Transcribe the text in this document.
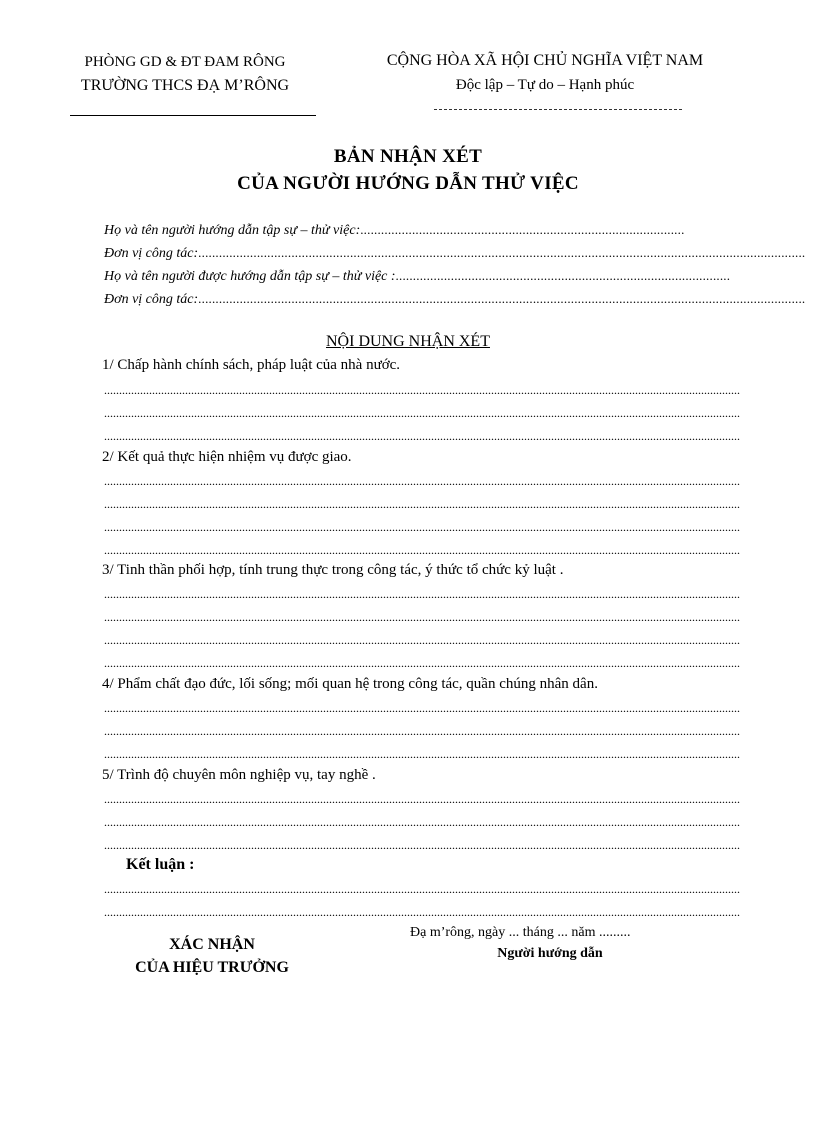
PHÒNG GD & ĐT ĐAM RÔNG
TRƯỜNG THCS ĐẠ M’RÔNG
CỘNG HÒA XÃ HỘI CHỦ NGHĨA VIỆT NAM
Độc lập – Tự do – Hạnh phúc
BẢN NHẬN XÉT
CỦA NGƯỜI HƯỚNG DẪN THỬ VIỆC
Họ và tên người hướng dẫn tập sự – thử việc:..............................................................................................
Đơn vị công tác:................................................................................................................................................................................
Họ và tên người được hướng dẫn tập sự – thử việc :.................................................................................................
Đơn vị công tác:................................................................................................................................................................................
NỘI DUNG NHẬN XÉT
1/ Chấp hành chính sách, pháp luật của nhà nước.
....................................................................................................................................................................................................................
....................................................................................................................................................................................................................
....................................................................................................................................................................................................................
2/ Kết quả thực hiện nhiệm vụ được giao.
....................................................................................................................................................................................................................
....................................................................................................................................................................................................................
....................................................................................................................................................................................................................
....................................................................................................................................................................................................................
3/ Tinh thần phối hợp, tính trung thực trong công tác, ý thức tổ chức kỷ luật .
....................................................................................................................................................................................................................
....................................................................................................................................................................................................................
....................................................................................................................................................................................................................
....................................................................................................................................................................................................................
4/ Phẩm chất đạo đức, lối sống; mối quan hệ trong công tác, quần chúng nhân dân.
....................................................................................................................................................................................................................
....................................................................................................................................................................................................................
....................................................................................................................................................................................................................
5/ Trình độ chuyên môn nghiệp vụ, tay nghề .
....................................................................................................................................................................................................................
....................................................................................................................................................................................................................
....................................................................................................................................................................................................................
Kết luận :
....................................................................................................................................................................................................................
....................................................................................................................................................................................................................
XÁC NHẬN
CỦA HIỆU TRƯỞNG
Đạ m’rông, ngày ... tháng ... năm .........
Người hướng dẫn
